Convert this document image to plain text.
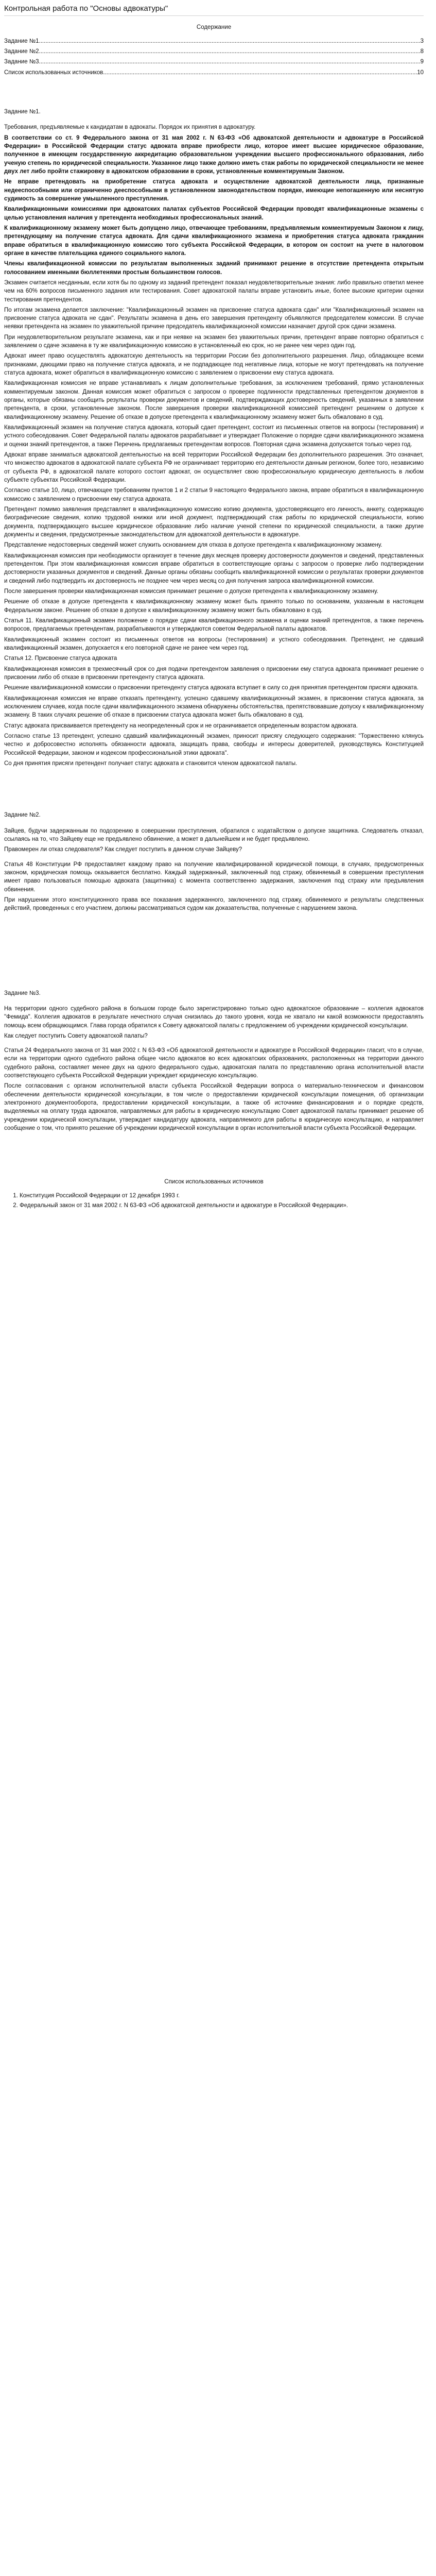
Контрольная работа по "Основы адвокатуры"
Содержание
Задание №1 .....	3
Задание №2 .....	8
Задание №3 .....	9
Список использованных источников .....	10
Задание №1.

Требования, предъявляемые к кандидатам в адвокаты. Порядок их принятия в адвокатуру.

В соответствии со ст. 9 Федерального закона от 31 мая 2002 г. N 63-ФЗ «Об адвокатской деятельности и адвокатуре в Российской Федерации» в Российской Федерации статус адвоката вправе приобрести лицо, которое имеет высшее юридическое образование, полученное в имеющем государственную аккредитацию образовательном учреждении высшего профессионального образования, либо ученую степень по юридической специальности. Указанное лицо также должно иметь стаж работы по юридической специальности не менее двух лет либо пройти стажировку в адвокатском образовании в сроки, установленные комментируемым Законом.

Не вправе претендовать на приобретение статуса адвоката и осуществление адвокатской деятельности лица, признанные недееспособными или ограниченно дееспособными в установленном законодательством порядке, имеющие непогашенную или неснятую судимость за совершение умышленного преступления.

Квалификационными комиссиями при адвокатских палатах субъектов Российской Федерации проводят квалификационные экзамены с целью установления наличия у претендента необходимых профессиональных знаний.

К квалификационному экзамену может быть допущено лицо, отвечающее требованиям, предъявляемым комментируемым Законом к лицу, претендующему на получение статуса адвоката. Для сдачи квалификационного экзамена и приобретения статуса адвоката гражданин вправе обратиться в квалификационную комиссию того субъекта Российской Федерации, в котором он состоит на учете в налоговом органе в качестве плательщика единого социального налога.

Члены квалификационной комиссии по результатам выполненных заданий принимают решение в отсутствие претендента открытым голосованием именными бюллетенями простым большинством голосов.

Экзамен считается несданным, если хотя бы по одному из заданий претендент показал неудовлетворительные знания: либо правильно ответил менее чем на 60% вопросов письменного задания или тестирования. Совет адвокатской палаты вправе установить иные, более высокие критерии оценки тестирования претендентов.

По итогам экзамена делается заключение: "Квалификационный экзамен на присвоение статуса адвоката сдан" или "Квалификационный экзамен на присвоение статуса адвоката не сдан". Результаты экзамена в день его завершения претенденту объявляются председателем комиссии. В случае неявки претендента на экзамен по уважительной причине председатель квалификационной комиссии назначает другой срок сдачи экзамена.

При неудовлетворительном результате экзамена, как и при неявке на экзамен без уважительных причин, претендент вправе повторно обратиться с заявлением о сдаче экзамена в ту же квалификационную комиссию в установленный ею срок, но не ранее чем через один год.

Адвокат имеет право осуществлять адвокатскую деятельность на территории России без дополнительного разрешения. Лицо, обладающее всеми признаками, дающими право на получение статуса адвоката, и не подпадающее под негативные лица, которые не могут претендовать на получение статуса адвоката, может обратиться в квалификационную комиссию с заявлением о присвоении ему статуса адвоката.

Квалификационная комиссия не вправе устанавливать к лицам дополнительные требования, за исключением требований, прямо установленных комментируемым законом. Данная комиссия может обратиться с запросом о проверке подлинности представленных претендентом документов в органы, которые обязаны сообщить результаты проверки документов и сведений, подтверждающих достоверность сведений, указанных в заявлении претендента, в сроки, установленные законом. После завершения проверки квалификационной комиссией претендент решением о допуске к квалификационному экзамену. Решение об отказе в допуске претендента к квалификационному экзамену может быть обжаловано в суд.

Квалификационный экзамен на получение статуса адвоката, который сдает претендент, состоит из письменных ответов на вопросы (тестирования) и устного собеседования. Совет Федеральной палаты адвокатов разрабатывает и утверждает Положение о порядке сдачи квалификационного экзамена и оценки знаний претендентов, а также Перечень предлагаемых претендентам вопросов. Повторная сдача экзамена допускается только через год.

Адвокат вправе заниматься адвокатской деятельностью на всей территории Российской Федерации без дополнительного разрешения. Это означает, что множество адвокатов в адвокатской палате субъекта РФ не ограничивает территорию его деятельности данным регионом, более того, независимо от субъекта РФ, в адвокатской палате которого состоит адвокат, он осуществляет свою профессиональную юридическую деятельность в любом субъекте субъектах Российской Федерации.

Согласно статье 10, лицо, отвечающее требованиям пунктов 1 и 2 статьи 9 настоящего Федерального закона, вправе обратиться в квалификационную комиссию с заявлением о присвоении ему статуса адвоката.

Претендент помимо заявления представляет в квалификационную комиссию копию документа, удостоверяющего его личность, анкету, содержащую биографические сведения, копию трудовой книжки или иной документ, подтверждающий стаж работы по юридической специальности, копию документа, подтверждающего высшее юридическое образование либо наличие ученой степени по юридической специальности, а также другие документы и сведения, предусмотренные законодательством для адвокатской деятельности в адвокатуре.

Представление недостоверных сведений может служить основанием для отказа в допуске претендента к квалификационному экзамену.

Квалификационная комиссия при необходимости организует в течение двух месяцев проверку достоверности документов и сведений, представленных претендентом. При этом квалификационная комиссия вправе обратиться в соответствующие органы с запросом о проверке либо подтверждении достоверности указанных документов и сведений. Данные органы обязаны сообщить квалификационной комиссии о результатах проверки документов и сведений либо подтвердить их достоверность не позднее чем через месяц со дня получения запроса квалификационной комиссии.

После завершения проверки квалификационная комиссия принимает решение о допуске претендента к квалификационному экзамену.

Решение об отказе в допуске претендента к квалификационному экзамену может быть принято только по основаниям, указанным в настоящем Федеральном законе. Решение об отказе в допуске к квалификационному экзамену может быть обжаловано в суд.

Статья 11. Квалификационный экзамен положение о порядке сдачи квалификационного экзамена и оценки знаний претендентов, а также перечень вопросов, предлагаемых претендентам, разрабатываются и утверждаются советом Федеральной палаты адвокатов.

Квалификационный экзамен состоит из письменных ответов на вопросы (тестирования) и устного собеседования. Претендент, не сдавший квалификационный экзамен, допускается к его повторной сдаче не ранее чем через год.

Статья 12. Присвоение статуса адвоката

Квалификационная комиссия в трехмесячный срок со дня подачи претендентом заявления о присвоении ему статуса адвоката принимает решение о присвоении либо об отказе в присвоении претенденту статуса адвоката.

Решение квалификационной комиссии о присвоении претенденту статуса адвоката вступает в силу со дня принятия претендентом присяги адвоката.

Квалификационная комиссия не вправе отказать претенденту, успешно сдавшему квалификационный экзамен, в присвоении статуса адвоката, за исключением случаев, когда после сдачи квалификационного экзамена обнаружены обстоятельства, препятствовавшие допуску к квалификационному экзамену. В таких случаях решение об отказе в присвоении статуса адвоката может быть обжаловано в суд.

Статус адвоката присваивается претенденту на неопределенный срок и не ограничивается определенным возрастом адвоката.

Согласно статье 13 претендент, успешно сдавший квалификационный экзамен, приносит присягу следующего содержания: "Торжественно клянусь честно и добросовестно исполнять обязанности адвоката, защищать права, свободы и интересы доверителей, руководствуясь Конституцией Российской Федерации, законом и кодексом профессиональной этики адвоката".

Со дня принятия присяги претендент получает статус адвоката и становится членом адвокатской палаты.

Задание №2.

Зайцев, будучи задержанным по подозрению в совершении преступления, обратился с ходатайством о допуске защитника. Следователь отказал, ссылаясь на то, что Зайцеву еще не предъявлено обвинение, а может в дальнейшем и не будет предъявлено.

Правомерен ли отказ следователя? Как следует поступить в данном случае Зайцеву?

Статья 48 Конституции РФ предоставляет каждому право на получение квалифицированной юридической помощи, в случаях, предусмотренных законом, юридическая помощь оказывается бесплатно. Каждый задержанный, заключенный под стражу, обвиняемый в совершении преступления имеет право пользоваться помощью адвоката (защитника) с момента соответственно задержания, заключения под стражу или предъявления обвинения.

При нарушении этого конституционного права все показания задержанного, заключенного под стражу, обвиняемого и результаты следственных действий, проведенных с его участием, должны рассматриваться судом как доказательства, полученные с нарушением закона.

Задание №3.

На территории одного судебного района в большом городе было зарегистрировано только одно адвокатское образование – коллегия адвокатов "Фемида". Коллегия адвокатов в результате нечестного случая снизилась до такого уровня, когда не хватало ни какой возможности предоставлять помощь всем обращающимся. Глава города обратился к Совету адвокатской палаты с предложением об учреждении юридической консультации.

Как следует поступить Совету адвокатской палаты?

Статья 24 Федерального закона от 31 мая 2002 г. N 63-ФЗ «Об адвокатской деятельности и адвокатуре в Российской Федерации» гласит, что в случае, если на территории одного судебного района общее число адвокатов во всех адвокатских образованиях, расположенных на территории данного судебного района, составляет менее двух на одного федерального судью, адвокатская палата по представлению органа исполнительной власти соответствующего субъекта Российской Федерации учреждает юридическую консультацию.

После согласования с органом исполнительной власти субъекта Российской Федерации вопроса о материально-техническом и финансовом обеспечении деятельности юридической консультации, в том числе о предоставлении юридической консультации помещения, об организации электронного документооборота, предоставлении юридической консультации, а также об источнике финансирования и о порядке средств, выделяемых на оплату труда адвокатов, направляемых для работы в юридическую консультацию Совет адвокатской палаты принимает решение об учреждении юридической консультации, утверждает кандидатуру адвоката, направляемого для работы в юридическую консультацию, и направляет сообщение о том, что принято решение об учреждении юридической консультации в орган исполнительной власти субъекта Российской Федерации.

Список использованных источников
1. Конституция Российской Федерации от 12 декабря 1993 г.
2. Федеральный закон от 31 мая 2002 г. N 63-ФЗ «Об адвокатской деятельности и адвокатуре в Российской Федерации».
